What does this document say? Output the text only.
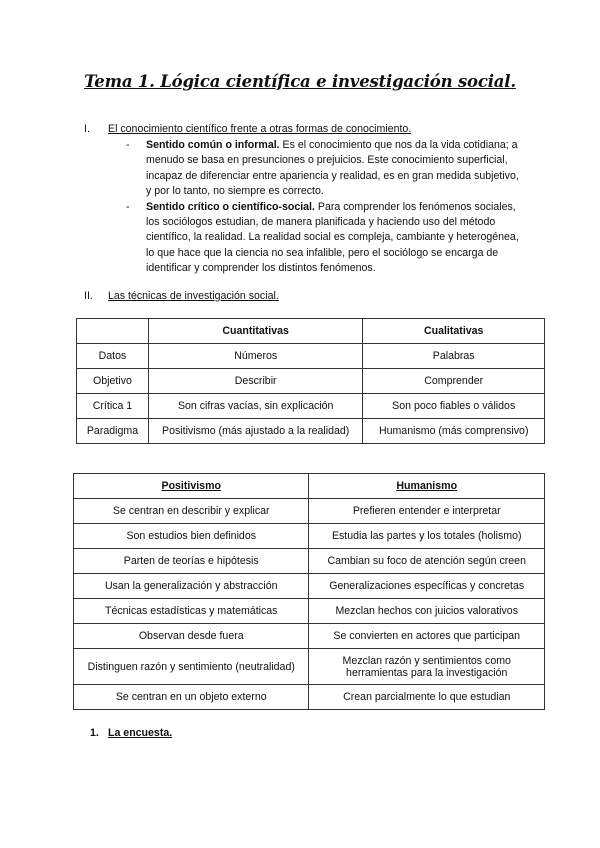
Tema 1. Lógica científica e investigación social.
I. El conocimiento científico frente a otras formas de conocimiento.
- Sentido común o informal. Es el conocimiento que nos da la vida cotidiana; a menudo se basa en presunciones o prejuicios. Este conocimiento superficial, incapaz de diferenciar entre apariencia y realidad, es en gran medida subjetivo, y por lo tanto, no siempre es correcto.
- Sentido crítico o científico-social. Para comprender los fenómenos sociales, los sociólogos estudian, de manera planificada y haciendo uso del método científico, la realidad. La realidad social es compleja, cambiante y heterogénea, lo que hace que la ciencia no sea infalible, pero el sociólogo se encarga de identificar y comprender los distintos fenómenos.
II. Las técnicas de investigación social.
	Cuantitativas	Cualitativas
Datos	Números	Palabras
Objetivo	Describir	Comprender
Crítica 1	Son cifras vacías, sin explicación	Son poco fiables o válidos
Paradigma	Positivismo (más ajustado a la realidad)	Humanismo (más comprensivo)
Positivismo	Humanismo
Se centran en describir y explicar	Prefieren entender e interpretar
Son estudios bien definidos	Estudia las partes y los totales (holismo)
Parten de teorías e hipótesis	Cambian su foco de atención según creen
Usan la generalización y abstracción	Generalizaciones específicas y concretas
Técnicas estadísticas y matemáticas	Mezclan hechos con juicios valorativos
Observan desde fuera	Se convierten en actores que participan
Distinguen razón y sentimiento (neutralidad)	Mezclan razón y sentimientos como herramientas para la investigación
Se centran en un objeto externo	Crean parcialmente lo que estudian
1. La encuesta.
